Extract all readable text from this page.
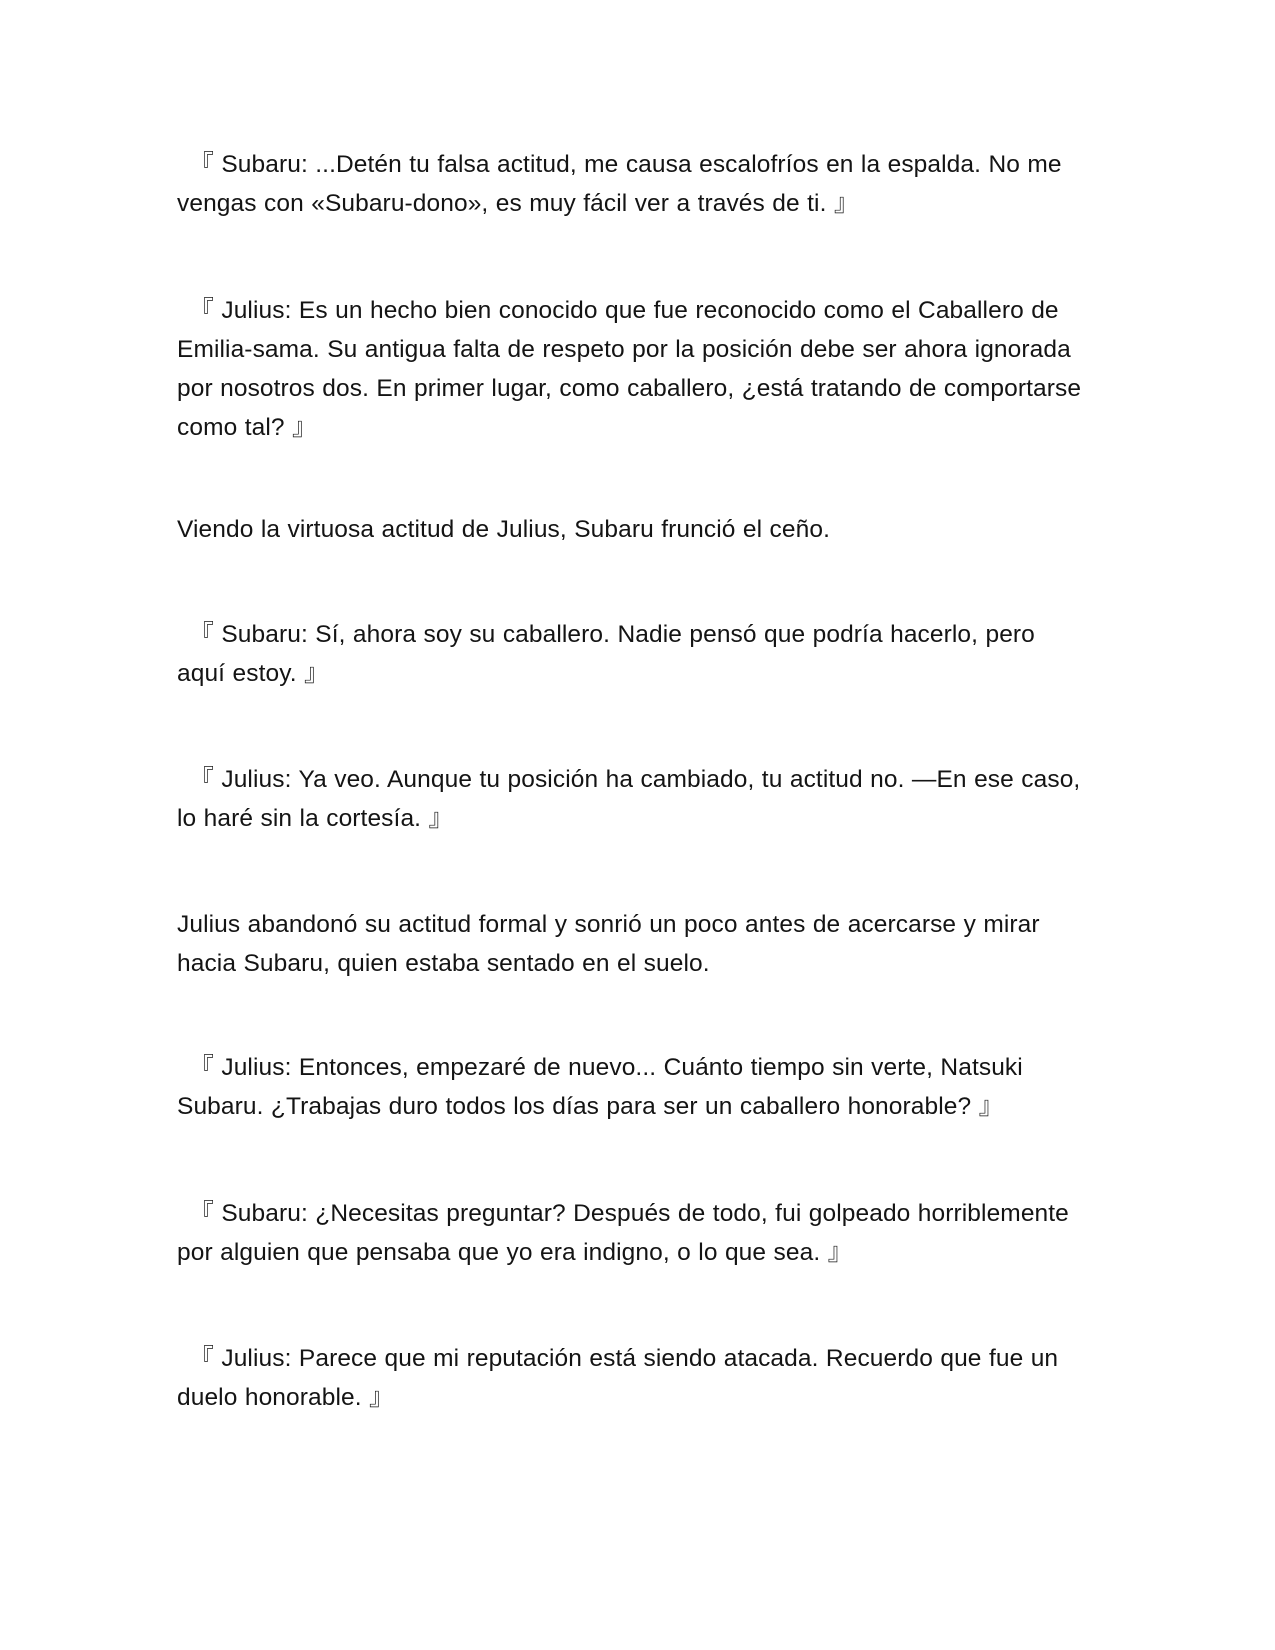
　『 Subaru: ...Detén tu falsa actitud, me causa escalofríos en la espalda. No me vengas con «Subaru-dono», es muy fácil ver a través de ti. 』

　『 Julius: Es un hecho bien conocido que fue reconocido como el Caballero de Emilia-sama. Su antigua falta de respeto por la posición debe ser ahora ignorada por nosotros dos. En primer lugar, como caballero, ¿está tratando de comportarse como tal? 』

Viendo la virtuosa actitud de Julius, Subaru frunció el ceño.

　『 Subaru: Sí, ahora soy su caballero. Nadie pensó que podría hacerlo, pero aquí estoy. 』

　『 Julius: Ya veo. Aunque tu posición ha cambiado, tu actitud no. —En ese caso, lo haré sin la cortesía. 』

Julius abandonó su actitud formal y sonrió un poco antes de acercarse y mirar hacia Subaru, quien estaba sentado en el suelo.

　『 Julius: Entonces, empezaré de nuevo... Cuánto tiempo sin verte, Natsuki Subaru. ¿Trabajas duro todos los días para ser un caballero honorable? 』

　『 Subaru: ¿Necesitas preguntar? Después de todo, fui golpeado horriblemente por alguien que pensaba que yo era indigno, o lo que sea. 』

　『 Julius: Parece que mi reputación está siendo atacada. Recuerdo que fue un duelo honorable. 』
